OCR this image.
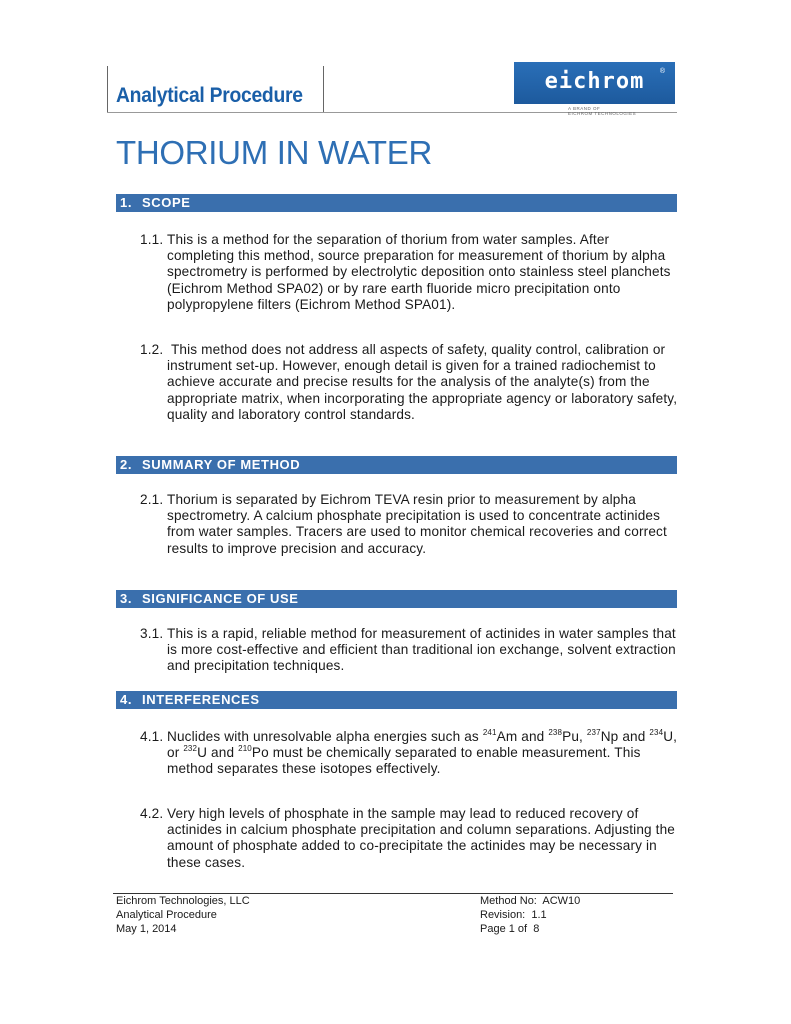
Analytical Procedure
eichrom	®
A BRAND OF
EICHROM TECHNOLOGIES
THORIUM IN WATER
1. SCOPE
1.1. This is a method for the separation of thorium from water samples. After completing this method, source preparation for measurement of thorium by alpha spectrometry is performed by electrolytic deposition onto stainless steel planchets (Eichrom Method SPA02) or by rare earth fluoride micro precipitation onto polypropylene filters (Eichrom Method SPA01).
1.2. This method does not address all aspects of safety, quality control, calibration or instrument set-up. However, enough detail is given for a trained radiochemist to achieve accurate and precise results for the analysis of the analyte(s) from the appropriate matrix, when incorporating the appropriate agency or laboratory safety, quality and laboratory control standards.
2. SUMMARY OF METHOD
2.1. Thorium is separated by Eichrom TEVA resin prior to measurement by alpha spectrometry. A calcium phosphate precipitation is used to concentrate actinides from water samples. Tracers are used to monitor chemical recoveries and correct results to improve precision and accuracy.
3. SIGNIFICANCE OF USE
3.1. This is a rapid, reliable method for measurement of actinides in water samples that is more cost-effective and efficient than traditional ion exchange, solvent extraction and precipitation techniques.
4. INTERFERENCES
4.1. Nuclides with unresolvable alpha energies such as $^{241}$Am and $^{238}$Pu, $^{237}$Np and $^{234}$U, or $^{232}$U and $^{210}$Po must be chemically separated to enable measurement. This method separates these isotopes effectively.
4.2. Very high levels of phosphate in the sample may lead to reduced recovery of actinides in calcium phosphate precipitation and column separations. Adjusting the amount of phosphate added to co-precipitate the actinides may be necessary in these cases.
Eichrom Technologies, LLC
Analytical Procedure
May 1, 2014
Method No:  ACW10
Revision:  1.1
Page 1 of  8
